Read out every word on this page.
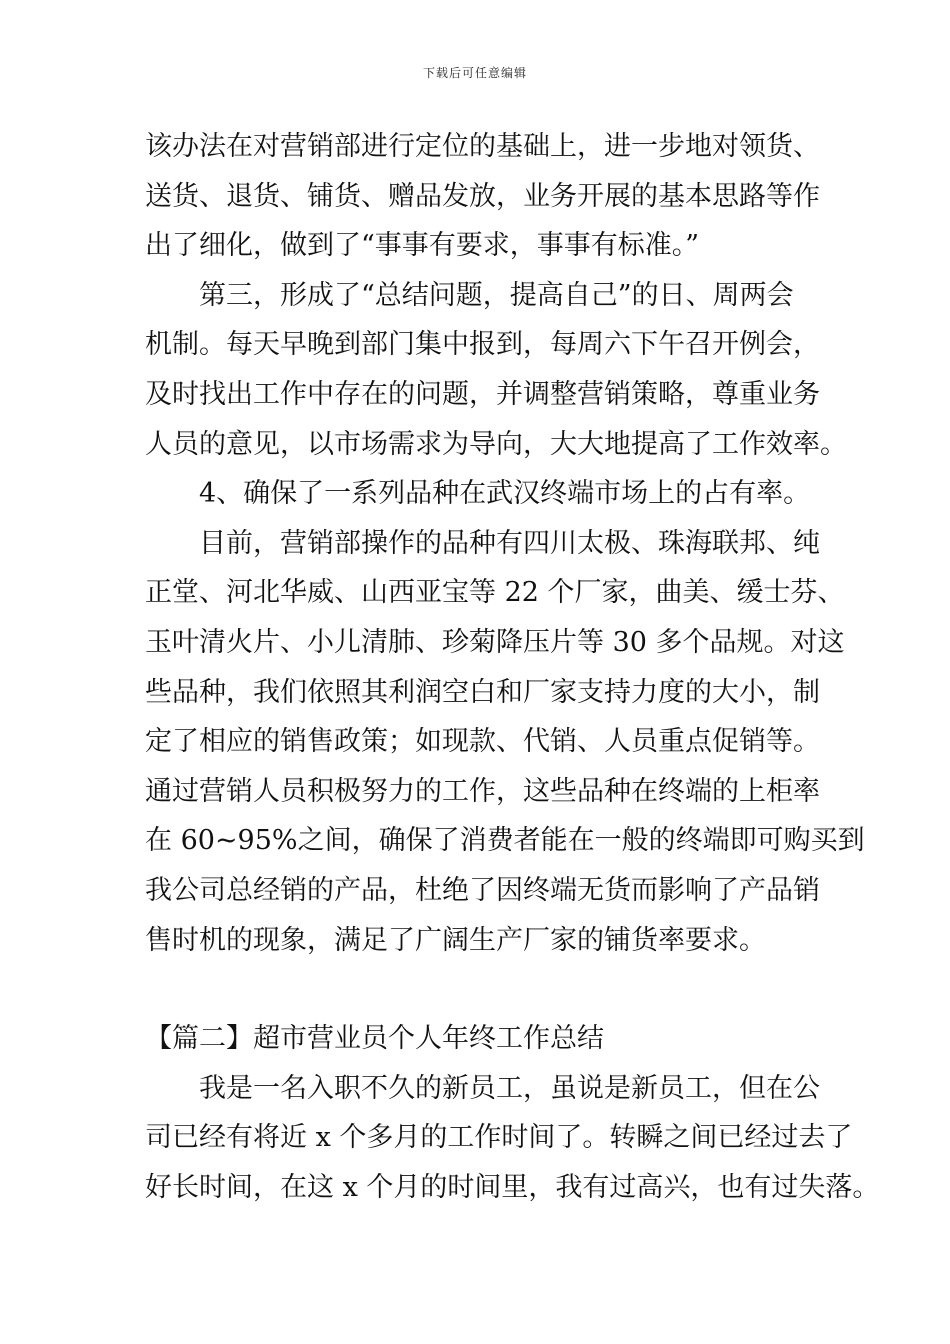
下载后可任意编辑
该办法在对营销部进行定位的基础上，进一步地对领货、
送货、退货、铺货、赠品发放，业务开展的基本思路等作
出了细化，做到了“事事有要求，事事有标准。”
第三，形成了“总结问题，提高自己”的日、周两会
机制。每天早晚到部门集中报到，每周六下午召开例会，
及时找出工作中存在的问题，并调整营销策略，尊重业务
人员的意见，以市场需求为导向，大大地提高了工作效率。
4、确保了一系列品种在武汉终端市场上的占有率。
目前，营销部操作的品种有四川太极、珠海联邦、纯
正堂、河北华威、山西亚宝等 22 个厂家，曲美、缓士芬、
玉叶清火片、小儿清肺、珍菊降压片等 30 多个品规。对这
些品种，我们依照其利润空白和厂家支持力度的大小，制
定了相应的销售政策；如现款、代销、人员重点促销等。
通过营销人员积极努力的工作，这些品种在终端的上柜率
在 60~95%之间，确保了消费者能在一般的终端即可购买到
我公司总经销的产品，杜绝了因终端无货而影响了产品销
售时机的现象，满足了广阔生产厂家的铺货率要求。
【篇二】超市营业员个人年终工作总结
我是一名入职不久的新员工，虽说是新员工，但在公
司已经有将近 x 个多月的工作时间了。转瞬之间已经过去了
好长时间，在这 x 个月的时间里，我有过高兴，也有过失落。
